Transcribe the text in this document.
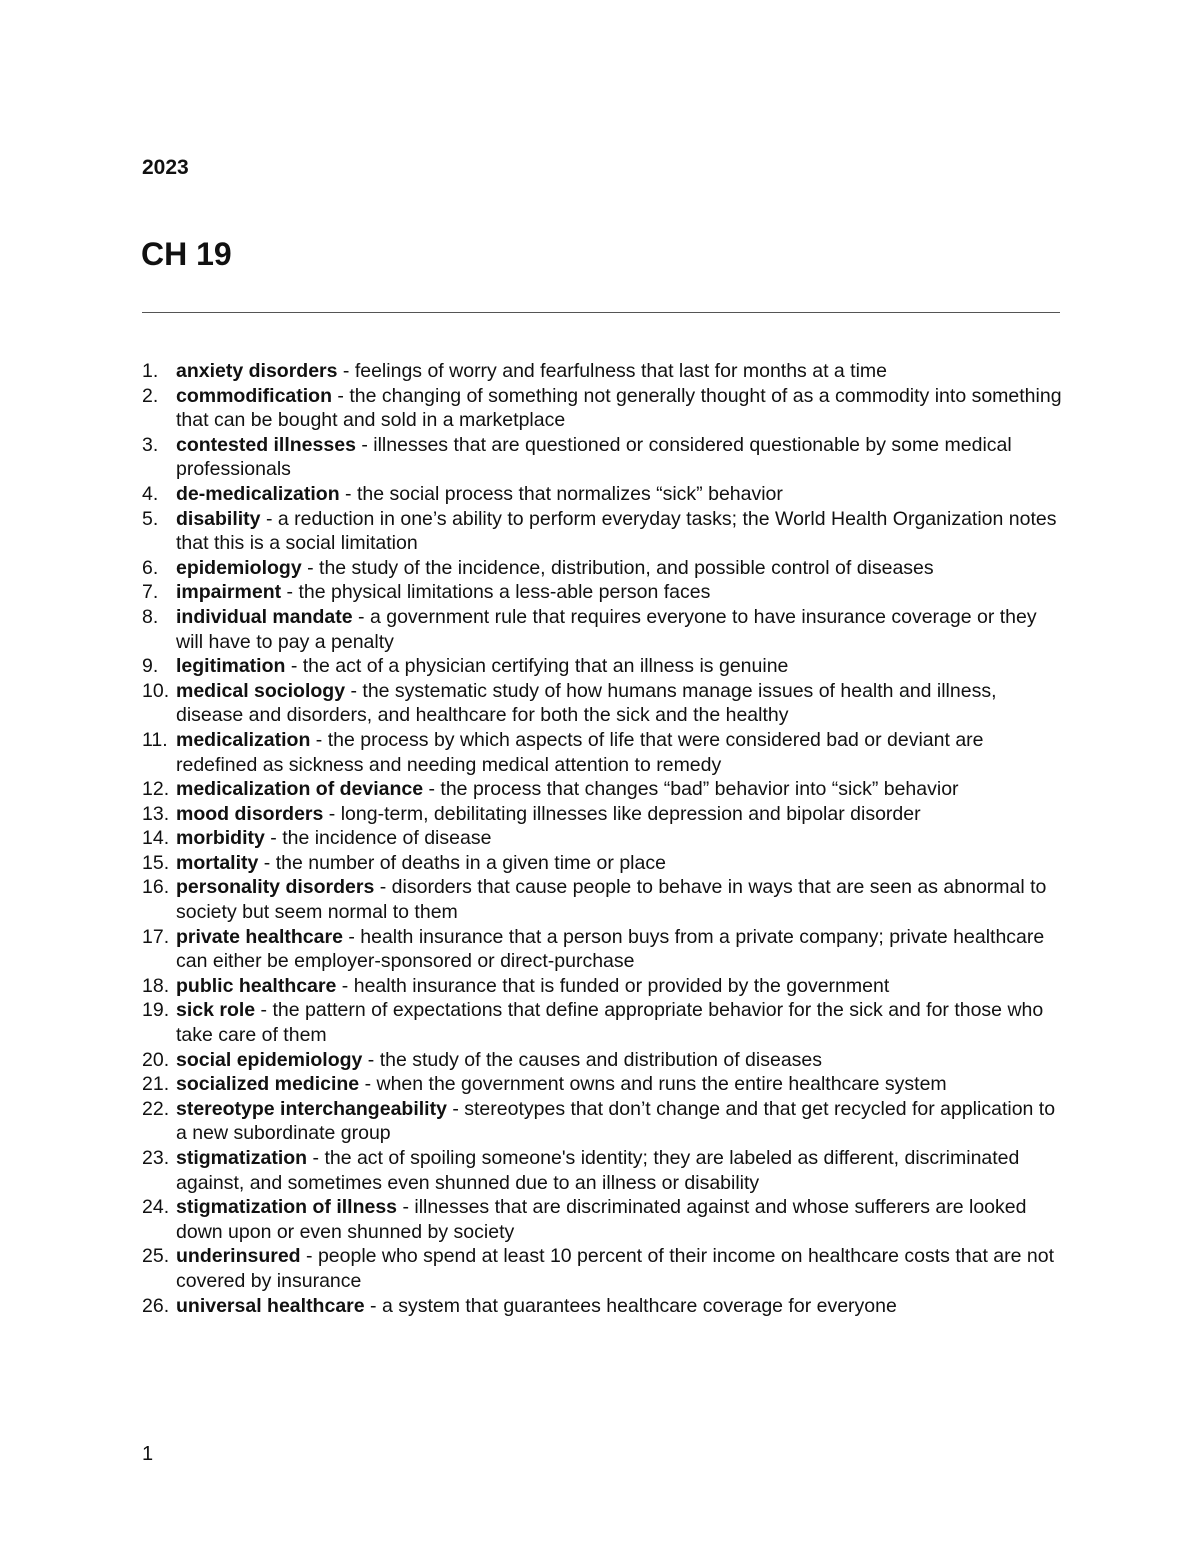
2023

CH 19
1. anxiety disorders - feelings of worry and fearfulness that last for months at a time
2. commodification - the changing of something not generally thought of as a commodity into something that can be bought and sold in a marketplace
3. contested illnesses - illnesses that are questioned or considered questionable by some medical professionals
4. de-medicalization - the social process that normalizes “sick” behavior
5. disability - a reduction in one’s ability to perform everyday tasks; the World Health Organization notes that this is a social limitation
6. epidemiology - the study of the incidence, distribution, and possible control of diseases
7. impairment - the physical limitations a less-able person faces
8. individual mandate - a government rule that requires everyone to have insurance coverage or they will have to pay a penalty
9. legitimation - the act of a physician certifying that an illness is genuine
10. medical sociology - the systematic study of how humans manage issues of health and illness, disease and disorders, and healthcare for both the sick and the healthy
11. medicalization - the process by which aspects of life that were considered bad or deviant are redefined as sickness and needing medical attention to remedy
12. medicalization of deviance - the process that changes “bad” behavior into “sick” behavior
13. mood disorders - long-term, debilitating illnesses like depression and bipolar disorder
14. morbidity - the incidence of disease
15. mortality - the number of deaths in a given time or place
16. personality disorders - disorders that cause people to behave in ways that are seen as abnormal to society but seem normal to them
17. private healthcare - health insurance that a person buys from a private company; private healthcare can either be employer-sponsored or direct-purchase
18. public healthcare - health insurance that is funded or provided by the government
19. sick role - the pattern of expectations that define appropriate behavior for the sick and for those who take care of them
20. social epidemiology - the study of the causes and distribution of diseases
21. socialized medicine - when the government owns and runs the entire healthcare system
22. stereotype interchangeability - stereotypes that don’t change and that get recycled for application to a new subordinate group
23. stigmatization - the act of spoiling someone's identity; they are labeled as different, discriminated against, and sometimes even shunned due to an illness or disability
24. stigmatization of illness - illnesses that are discriminated against and whose sufferers are looked down upon or even shunned by society
25. underinsured - people who spend at least 10 percent of their income on healthcare costs that are not covered by insurance
26. universal healthcare - a system that guarantees healthcare coverage for everyone

1
